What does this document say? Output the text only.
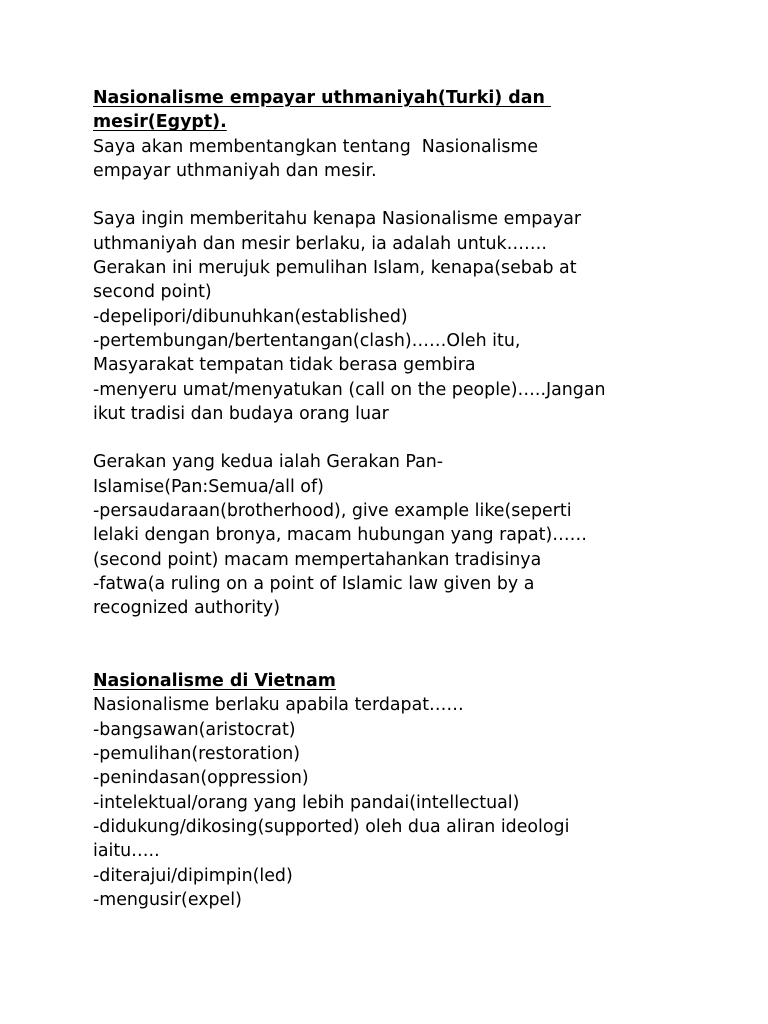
Nasionalisme empayar uthmaniyah(Turki) dan
mesir(Egypt).
Saya akan membentangkan tentang  Nasionalisme
empayar uthmaniyah dan mesir.
Saya ingin memberitahu kenapa Nasionalisme empayar
uthmaniyah dan mesir berlaku, ia adalah untuk…….
Gerakan ini merujuk pemulihan Islam, kenapa(sebab at
second point)
-depelipori/dibunuhkan(established)
-pertembungan/bertentangan(clash)……Oleh itu,
Masyarakat tempatan tidak berasa gembira
-menyeru umat/menyatukan (call on the people)…..Jangan
ikut tradisi dan budaya orang luar
Gerakan yang kedua ialah Gerakan Pan-
Islamise(Pan:Semua/all of)
-persaudaraan(brotherhood), give example like(seperti
lelaki dengan bronya, macam hubungan yang rapat)……
(second point) macam mempertahankan tradisinya
-fatwa(a ruling on a point of Islamic law given by a
recognized authority)
Nasionalisme di Vietnam
Nasionalisme berlaku apabila terdapat……
-bangsawan(aristocrat)
-pemulihan(restoration)
-penindasan(oppression)
-intelektual/orang yang lebih pandai(intellectual)
-didukung/dikosing(supported) oleh dua aliran ideologi
iaitu…..
-diterajui/dipimpin(led)
-mengusir(expel)
